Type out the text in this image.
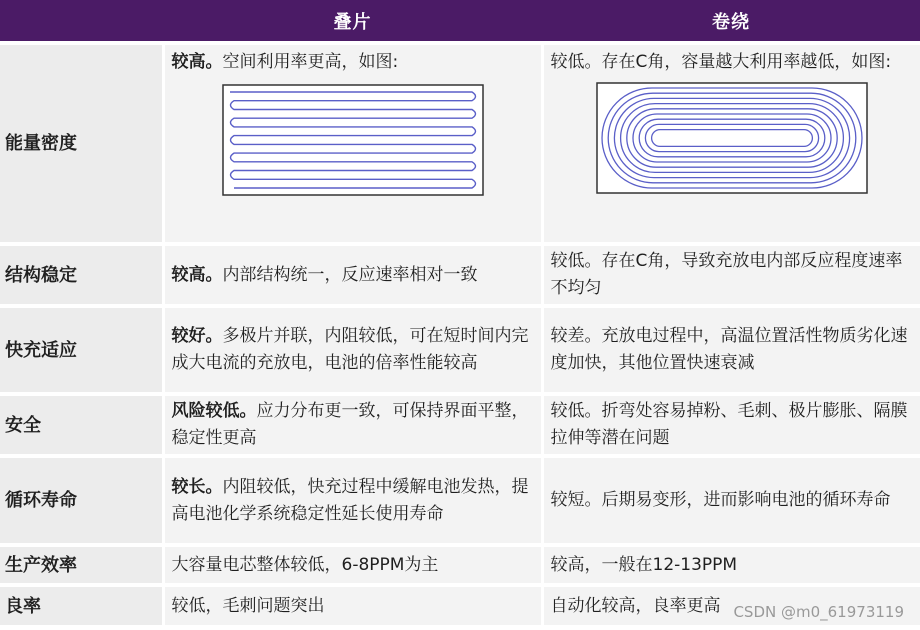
	叠片	卷绕
能量密度	较高。空间利用率更高，如图:	较低。存在C角，容量越大利用率越低，如图:

结构稳定	较高。内部结构统一，反应速率相对一致	较低。存在C角，导致充放电内部反应程度速率不均匀
快充适应	较好。多极片并联，内阻较低，可在短时间内完成大电流的充放电，电池的倍率性能较高	较差。充放电过程中，高温位置活性物质劣化速度加快，其他位置快速衰减
安全	风险较低。应力分布更一致，可保持界面平整，稳定性更高	较低。折弯处容易掉粉、毛刺、极片膨胀、隔膜拉伸等潜在问题
循环寿命	较长。内阻较低，快充过程中缓解电池发热，提高电池化学系统稳定性延长使用寿命	较短。后期易变形，进而影响电池的循环寿命
生产效率	大容量电芯整体较低，6-8PPM为主	较高，一般在12-13PPM
良率	较低，毛刺问题突出	自动化较高，良率更高 CSDN @m0_61973119
